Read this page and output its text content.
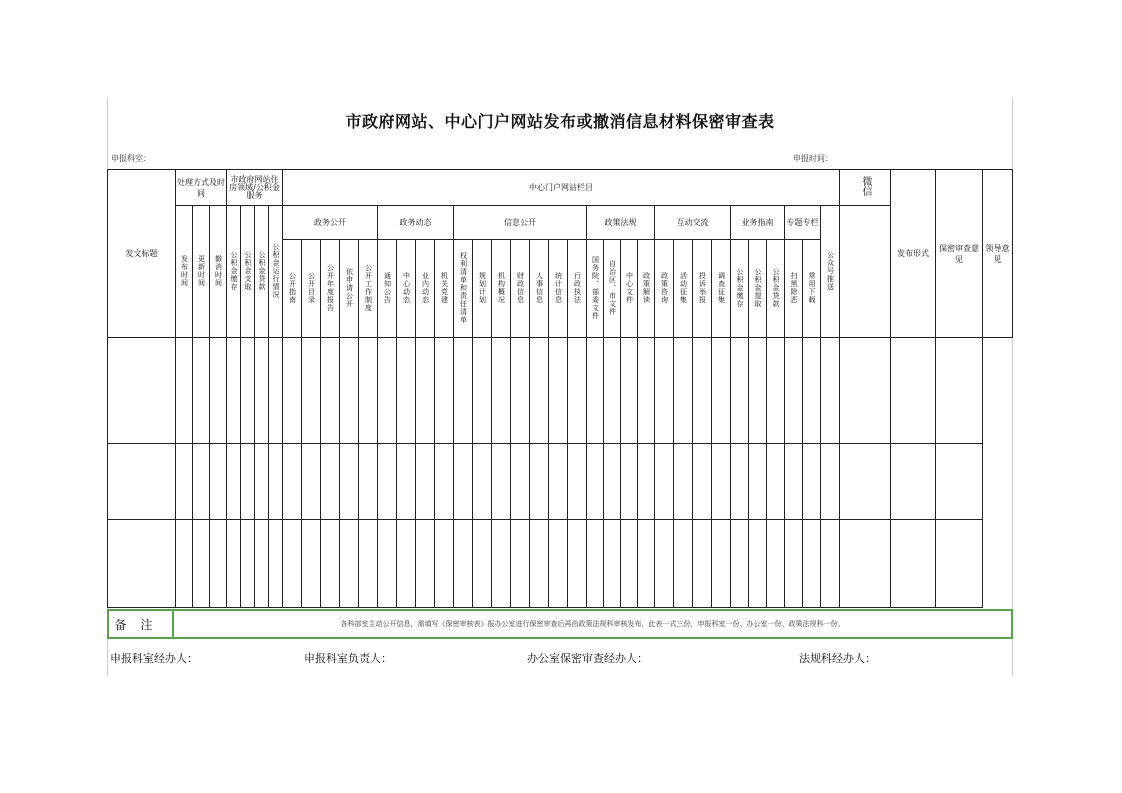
市政府网站、中心门户网站发布或撤消信息材料保密审查表
申报科室：	申报时间：
发文标题	处理方式及时间			市政府网站住房领域/公积金服务				中心门户网站栏目																														微信	发布形式	保密审查意见	领导意见
	发布时间	更新时间	撤消时间	公积金缴存	公积金支取	公积金贷款	公积金运行情况	政务公开					政务动态				信息公开							政策法规				互动交流				业务指南			专题专栏		公众号推送				
								公开指南	公开目录	公开年度报告	依申请公开	公开工作制度	通知公告	中心动态	业内动态	机关党建	权利清单和责任清单	规划计划	机构概况	财政信息	人事信息	统计信息	行政执法	国务院、部委文件	自治区、市文件	中心文件	政策解读	政策咨询	活动征集	投诉举报	调查征集	公积金缴存	公积金提取	公积金贷款	扫黑除恶	常用下载					

备注	各科部室主动公开信息，需填写《保密审核表》报办公室进行保密审查后再由政策法规科审核发布，此表一式三份，申报科室一份、办公室一份、政策法规科一份。
申报科室经办人：	申报科室负责人：	办公室保密审查经办人：	法规科经办人：
